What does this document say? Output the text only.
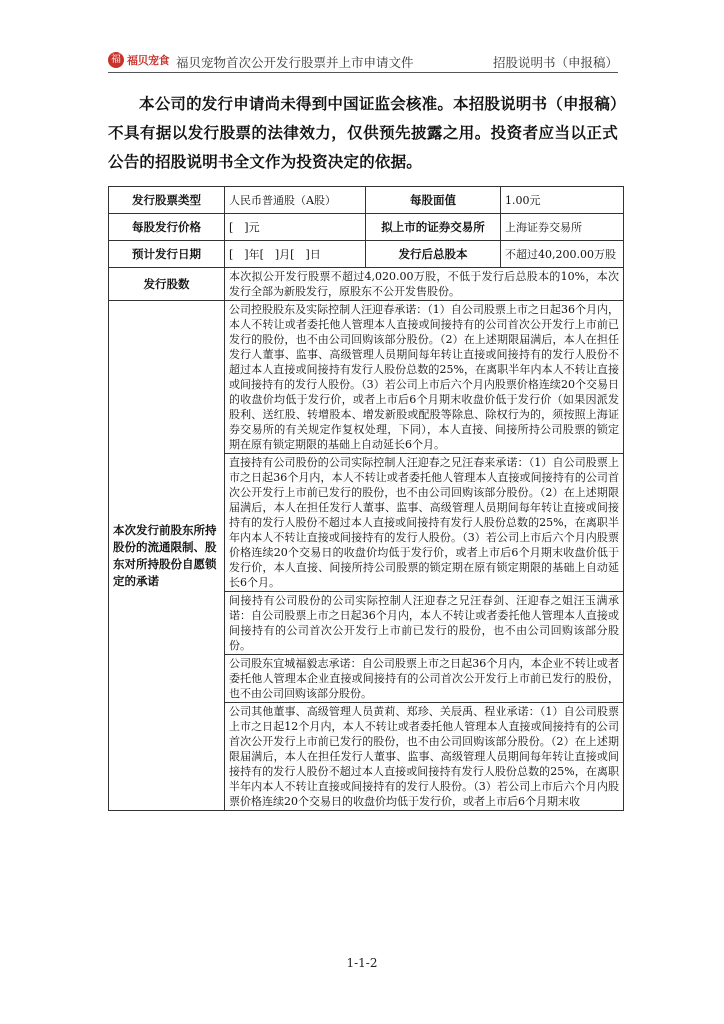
福 福贝宠食 福贝宠物首次公开发行股票并上市申请文件	招股说明书（申报稿）
本公司的发行申请尚未得到中国证监会核准。本招股说明书（申报稿）不具有据以发行股票的法律效力，仅供预先披露之用。投资者应当以正式公告的招股说明书全文作为投资决定的依据。
发行股票类型	人民币普通股（A股）	每股面值	1.00元
每股发行价格	[　]元	拟上市的证券交易所	上海证券交易所
预计发行日期	[　]年[　]月[　]日	发行后总股本	不超过40,200.00万股
发行股数	本次拟公开发行股票不超过4,020.00万股，不低于发行后总股本的10%，本次发行全部为新股发行，原股东不公开发售股份。		
本次发行前股东所持股份的流通限制、股东对所持股份自愿锁定的承诺	公司控股股东及实际控制人汪迎春承诺：（1）自公司股票上市之日起36个月内，本人不转让或者委托他人管理本人直接或间接持有的公司首次公开发行上市前已发行的股份，也不由公司回购该部分股份。（2）在上述期限届满后，本人在担任发行人董事、监事、高级管理人员期间每年转让直接或间接持有的发行人股份不超过本人直接或间接持有发行人股份总数的25%，在离职半年内本人不转让直接或间接持有的发行人股份。（3）若公司上市后六个月内股票价格连续20个交易日的收盘价均低于发行价，或者上市后6个月期末收盘价低于发行价（如果因派发股利、送红股、转增股本、增发新股或配股等除息、除权行为的，须按照上海证券交易所的有关规定作复权处理，下同），本人直接、间接所持公司股票的锁定期在原有锁定期限的基础上自动延长6个月。		
	直接持有公司股份的公司实际控制人汪迎春之兄汪春来承诺：（1）自公司股票上市之日起36个月内，本人不转让或者委托他人管理本人直接或间接持有的公司首次公开发行上市前已发行的股份，也不由公司回购该部分股份。（2）在上述期限届满后，本人在担任发行人董事、监事、高级管理人员期间每年转让直接或间接持有的发行人股份不超过本人直接或间接持有发行人股份总数的25%，在离职半年内本人不转让直接或间接持有的发行人股份。（3）若公司上市后六个月内股票价格连续20个交易日的收盘价均低于发行价，或者上市后6个月期末收盘价低于发行价，本人直接、间接所持公司股票的锁定期在原有锁定期限的基础上自动延长6个月。		
	间接持有公司股份的公司实际控制人汪迎春之兄汪春剑、汪迎春之姐汪玉满承诺：自公司股票上市之日起36个月内，本人不转让或者委托他人管理本人直接或间接持有的公司首次公开发行上市前已发行的股份，也不由公司回购该部分股份。		
	公司股东宜城福毅志承诺：自公司股票上市之日起36个月内，本企业不转让或者委托他人管理本企业直接或间接持有的公司首次公开发行上市前已发行的股份，也不由公司回购该部分股份。		
	公司其他董事、高级管理人员黄莉、郑珍、关辰禹、程业承诺：（1）自公司股票上市之日起12个月内，本人不转让或者委托他人管理本人直接或间接持有的公司首次公开发行上市前已发行的股份，也不由公司回购该部分股份。（2）在上述期限届满后，本人在担任发行人董事、监事、高级管理人员期间每年转让直接或间接持有的发行人股份不超过本人直接或间接持有发行人股份总数的25%，在离职半年内本人不转让直接或间接持有的发行人股份。（3）若公司上市后六个月内股票价格连续20个交易日的收盘价均低于发行价，或者上市后6个月期末收		
1-1-2
